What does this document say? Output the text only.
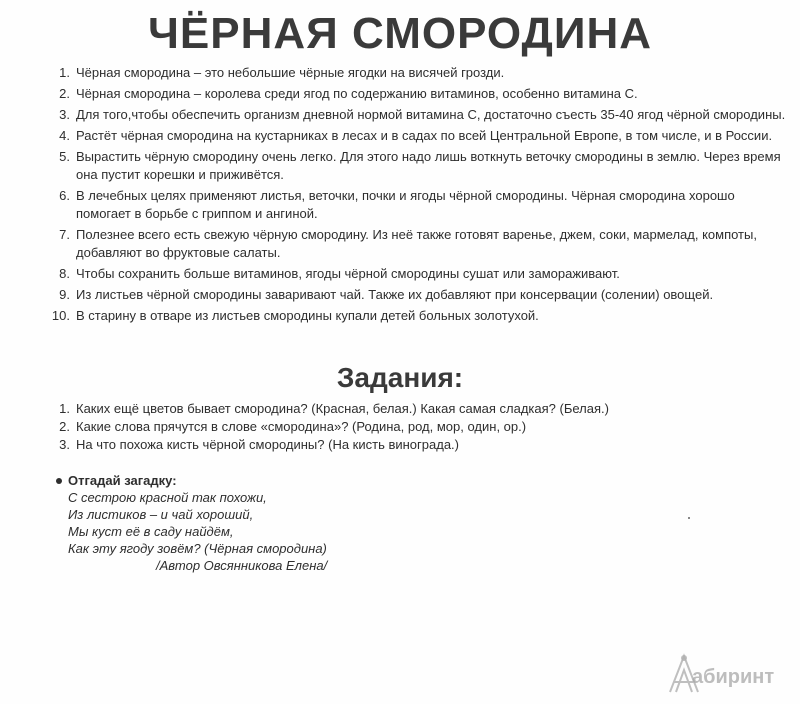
ЧЁРНАЯ СМОРОДИНА
1. Чёрная смородина – это небольшие чёрные ягодки на висячей грозди.
2. Чёрная смородина – королева среди ягод по содержанию витаминов, особенно витамина С.
3. Для того,чтобы обеспечить организм дневной нормой витамина С, достаточно съесть 35-40 ягод чёрной смородины.
4. Растёт чёрная смородина на кустарниках в лесах и в садах по всей Центральной Европе, в том числе, и в России.
5. Вырастить чёрную смородину очень легко. Для этого надо лишь воткнуть веточку смородины в землю. Через время она пустит корешки и приживётся.
6. В лечебных целях применяют листья, веточки, почки и ягоды чёрной смородины. Чёрная смородина хорошо помогает в борьбе с гриппом и ангиной.
7. Полезнее всего есть свежую чёрную смородину. Из неё также готовят варенье, джем, соки, мармелад, компоты, добавляют во фруктовые салаты.
8. Чтобы сохранить больше витаминов, ягоды чёрной смородины сушат или замораживают.
9. Из листьев чёрной смородины заваривают чай. Также их добавляют при консервации (солении) овощей.
10. В старину в отваре из листьев смородины купали детей больных золотухой.
Задания:
1. Каких ещё цветов бывает смородина? (Красная, белая.) Какая самая сладкая? (Белая.)
2. Какие слова прячутся в слове «смородина»? (Родина, род, мор, один, ор.)
3. На что похожа кисть чёрной смородины? (На кисть винограда.)
Отгадай загадку:
С сестрою красной так похожи,
Из листиков – и чай хороший,
Мы куст её в саду найдём,
Как эту ягоду зовём? (Чёрная смородина)
/Автор Овсянникова Елена/
абиринт
